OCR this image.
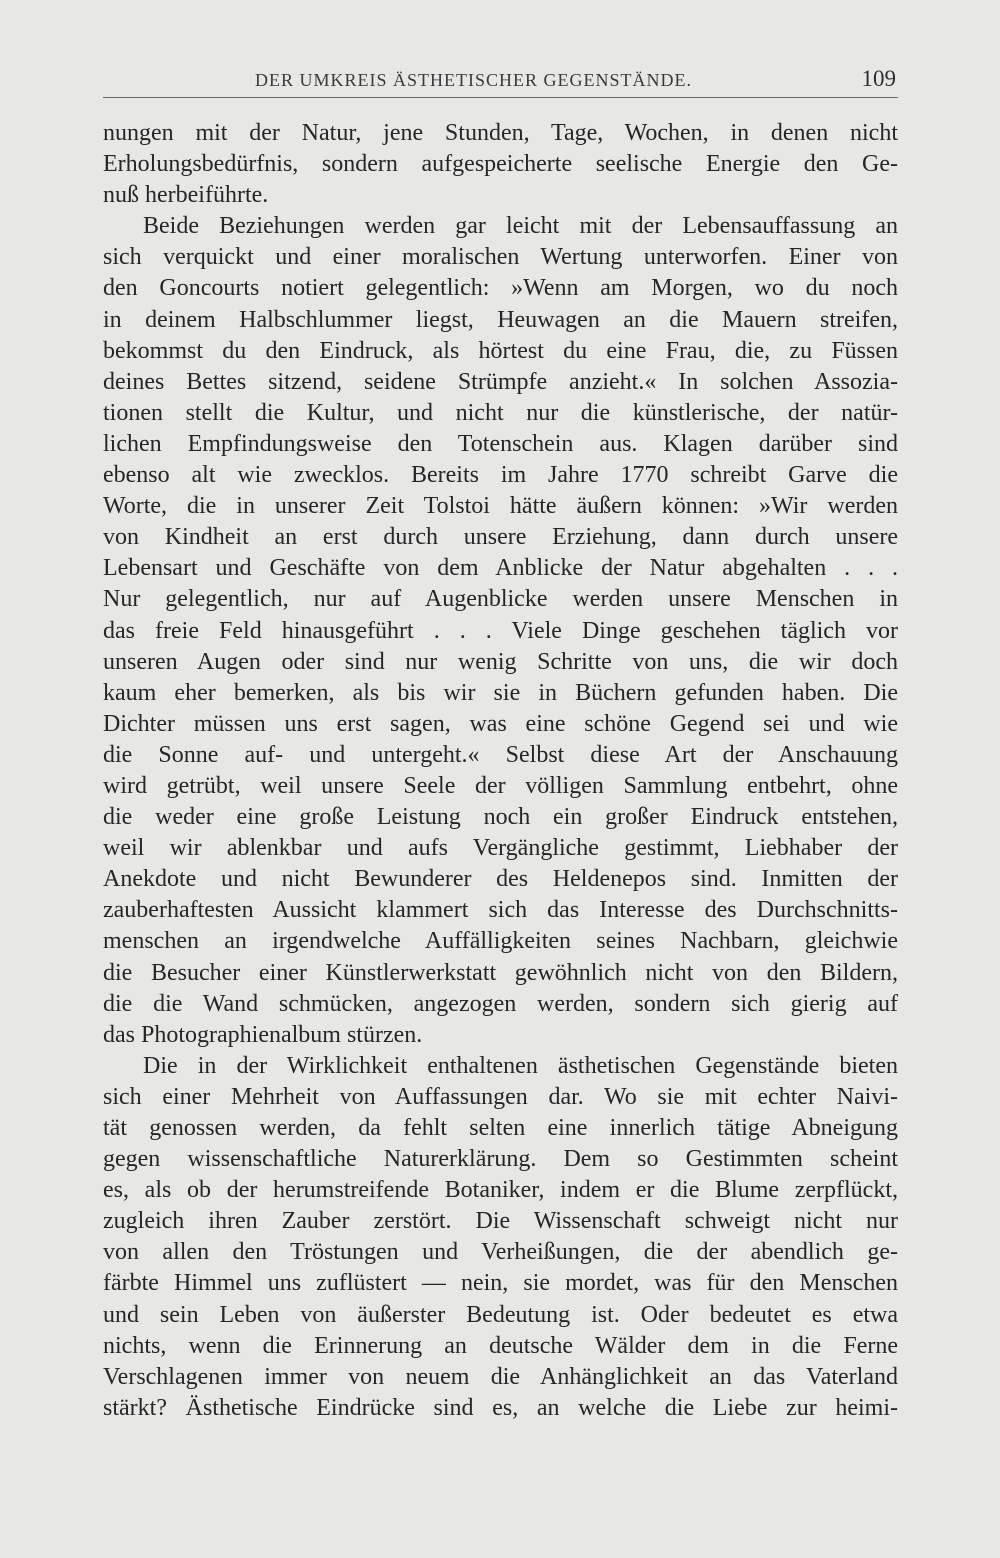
DER UMKREIS ÄSTHETISCHER GEGENSTÄNDE.	109
nungen mit der Natur, jene Stunden, Tage, Wochen, in denen nicht
Erholungsbedürfnis, sondern aufgespeicherte seelische Energie den Ge-
nuß herbeiführte.
Beide Beziehungen werden gar leicht mit der Lebensauffassung an
sich verquickt und einer moralischen Wertung unterworfen. Einer von
den Goncourts notiert gelegentlich: »Wenn am Morgen, wo du noch
in deinem Halbschlummer liegst, Heuwagen an die Mauern streifen,
bekommst du den Eindruck, als hörtest du eine Frau, die, zu Füssen
deines Bettes sitzend, seidene Strümpfe anzieht.« In solchen Assozia-
tionen stellt die Kultur, und nicht nur die künstlerische, der natür-
lichen Empfindungsweise den Totenschein aus. Klagen darüber sind
ebenso alt wie zwecklos. Bereits im Jahre 1770 schreibt Garve die
Worte, die in unserer Zeit Tolstoi hätte äußern können: »Wir werden
von Kindheit an erst durch unsere Erziehung, dann durch unsere
Lebensart und Geschäfte von dem Anblicke der Natur abgehalten . . .
Nur gelegentlich, nur auf Augenblicke werden unsere Menschen in
das freie Feld hinausgeführt . . . Viele Dinge geschehen täglich vor
unseren Augen oder sind nur wenig Schritte von uns, die wir doch
kaum eher bemerken, als bis wir sie in Büchern gefunden haben. Die
Dichter müssen uns erst sagen, was eine schöne Gegend sei und wie
die Sonne auf- und untergeht.« Selbst diese Art der Anschauung
wird getrübt, weil unsere Seele der völligen Sammlung entbehrt, ohne
die weder eine große Leistung noch ein großer Eindruck entstehen,
weil wir ablenkbar und aufs Vergängliche gestimmt, Liebhaber der
Anekdote und nicht Bewunderer des Heldenepos sind. Inmitten der
zauberhaftesten Aussicht klammert sich das Interesse des Durchschnitts-
menschen an irgendwelche Auffälligkeiten seines Nachbarn, gleichwie
die Besucher einer Künstlerwerkstatt gewöhnlich nicht von den Bildern,
die die Wand schmücken, angezogen werden, sondern sich gierig auf
das Photographienalbum stürzen.
Die in der Wirklichkeit enthaltenen ästhetischen Gegenstände bieten
sich einer Mehrheit von Auffassungen dar. Wo sie mit echter Naivi-
tät genossen werden, da fehlt selten eine innerlich tätige Abneigung
gegen wissenschaftliche Naturerklärung. Dem so Gestimmten scheint
es, als ob der herumstreifende Botaniker, indem er die Blume zerpflückt,
zugleich ihren Zauber zerstört. Die Wissenschaft schweigt nicht nur
von allen den Tröstungen und Verheißungen, die der abendlich ge-
färbte Himmel uns zuflüstert — nein, sie mordet, was für den Menschen
und sein Leben von äußerster Bedeutung ist. Oder bedeutet es etwa
nichts, wenn die Erinnerung an deutsche Wälder dem in die Ferne
Verschlagenen immer von neuem die Anhänglichkeit an das Vaterland
stärkt? Ästhetische Eindrücke sind es, an welche die Liebe zur heimi-
